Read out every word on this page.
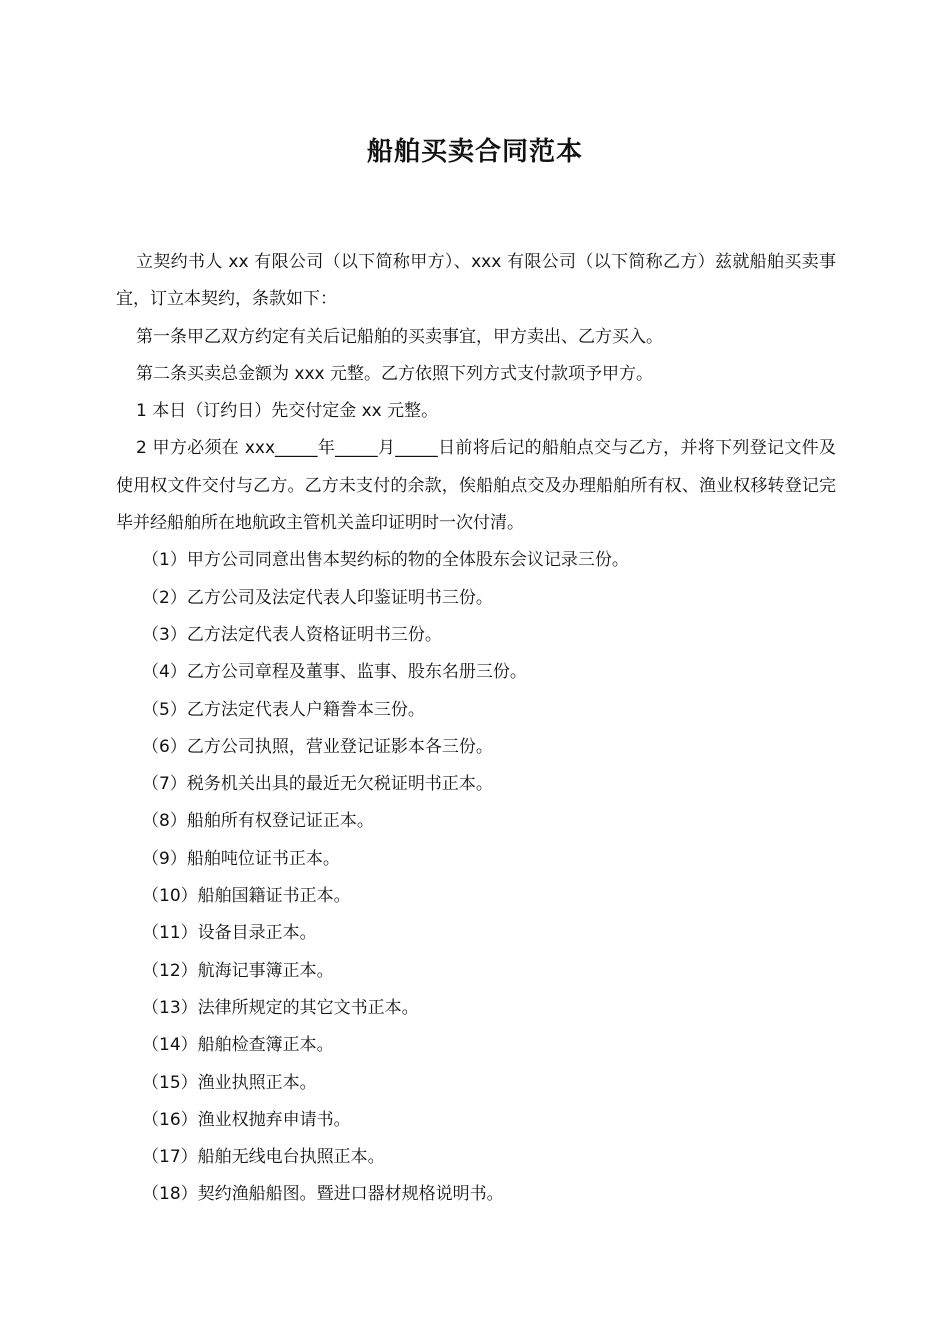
船舶买卖合同范本

立契约书人 xx 有限公司（以下简称甲方）、xxx 有限公司（以下简称乙方）兹就船舶买卖事宜，订立本契约，条款如下：

第一条甲乙双方约定有关后记船舶的买卖事宜，甲方卖出、乙方买入。

第二条买卖总金额为 xxx 元整。乙方依照下列方式支付款项予甲方。

1 本日（订约日）先交付定金 xx 元整。

2 甲方必须在 xxx_____年_____月_____日前将后记的船舶点交与乙方，并将下列登记文件及使用权文件交付与乙方。乙方未支付的余款，俟船舶点交及办理船舶所有权、渔业权移转登记完毕并经船舶所在地航政主管机关盖印证明时一次付清。

（1）甲方公司同意出售本契约标的物的全体股东会议记录三份。

（2）乙方公司及法定代表人印鉴证明书三份。

（3）乙方法定代表人资格证明书三份。

（4）乙方公司章程及董事、监事、股东名册三份。

（5）乙方法定代表人户籍誊本三份。

（6）乙方公司执照，营业登记证影本各三份。

（7）税务机关出具的最近无欠税证明书正本。

（8）船舶所有权登记证正本。

（9）船舶吨位证书正本。

（10）船舶国籍证书正本。

（11）设备目录正本。

（12）航海记事簿正本。

（13）法律所规定的其它文书正本。

（14）船舶检查簿正本。

（15）渔业执照正本。

（16）渔业权抛弃申请书。

（17）船舶无线电台执照正本。

（18）契约渔船船图。暨进口器材规格说明书。
